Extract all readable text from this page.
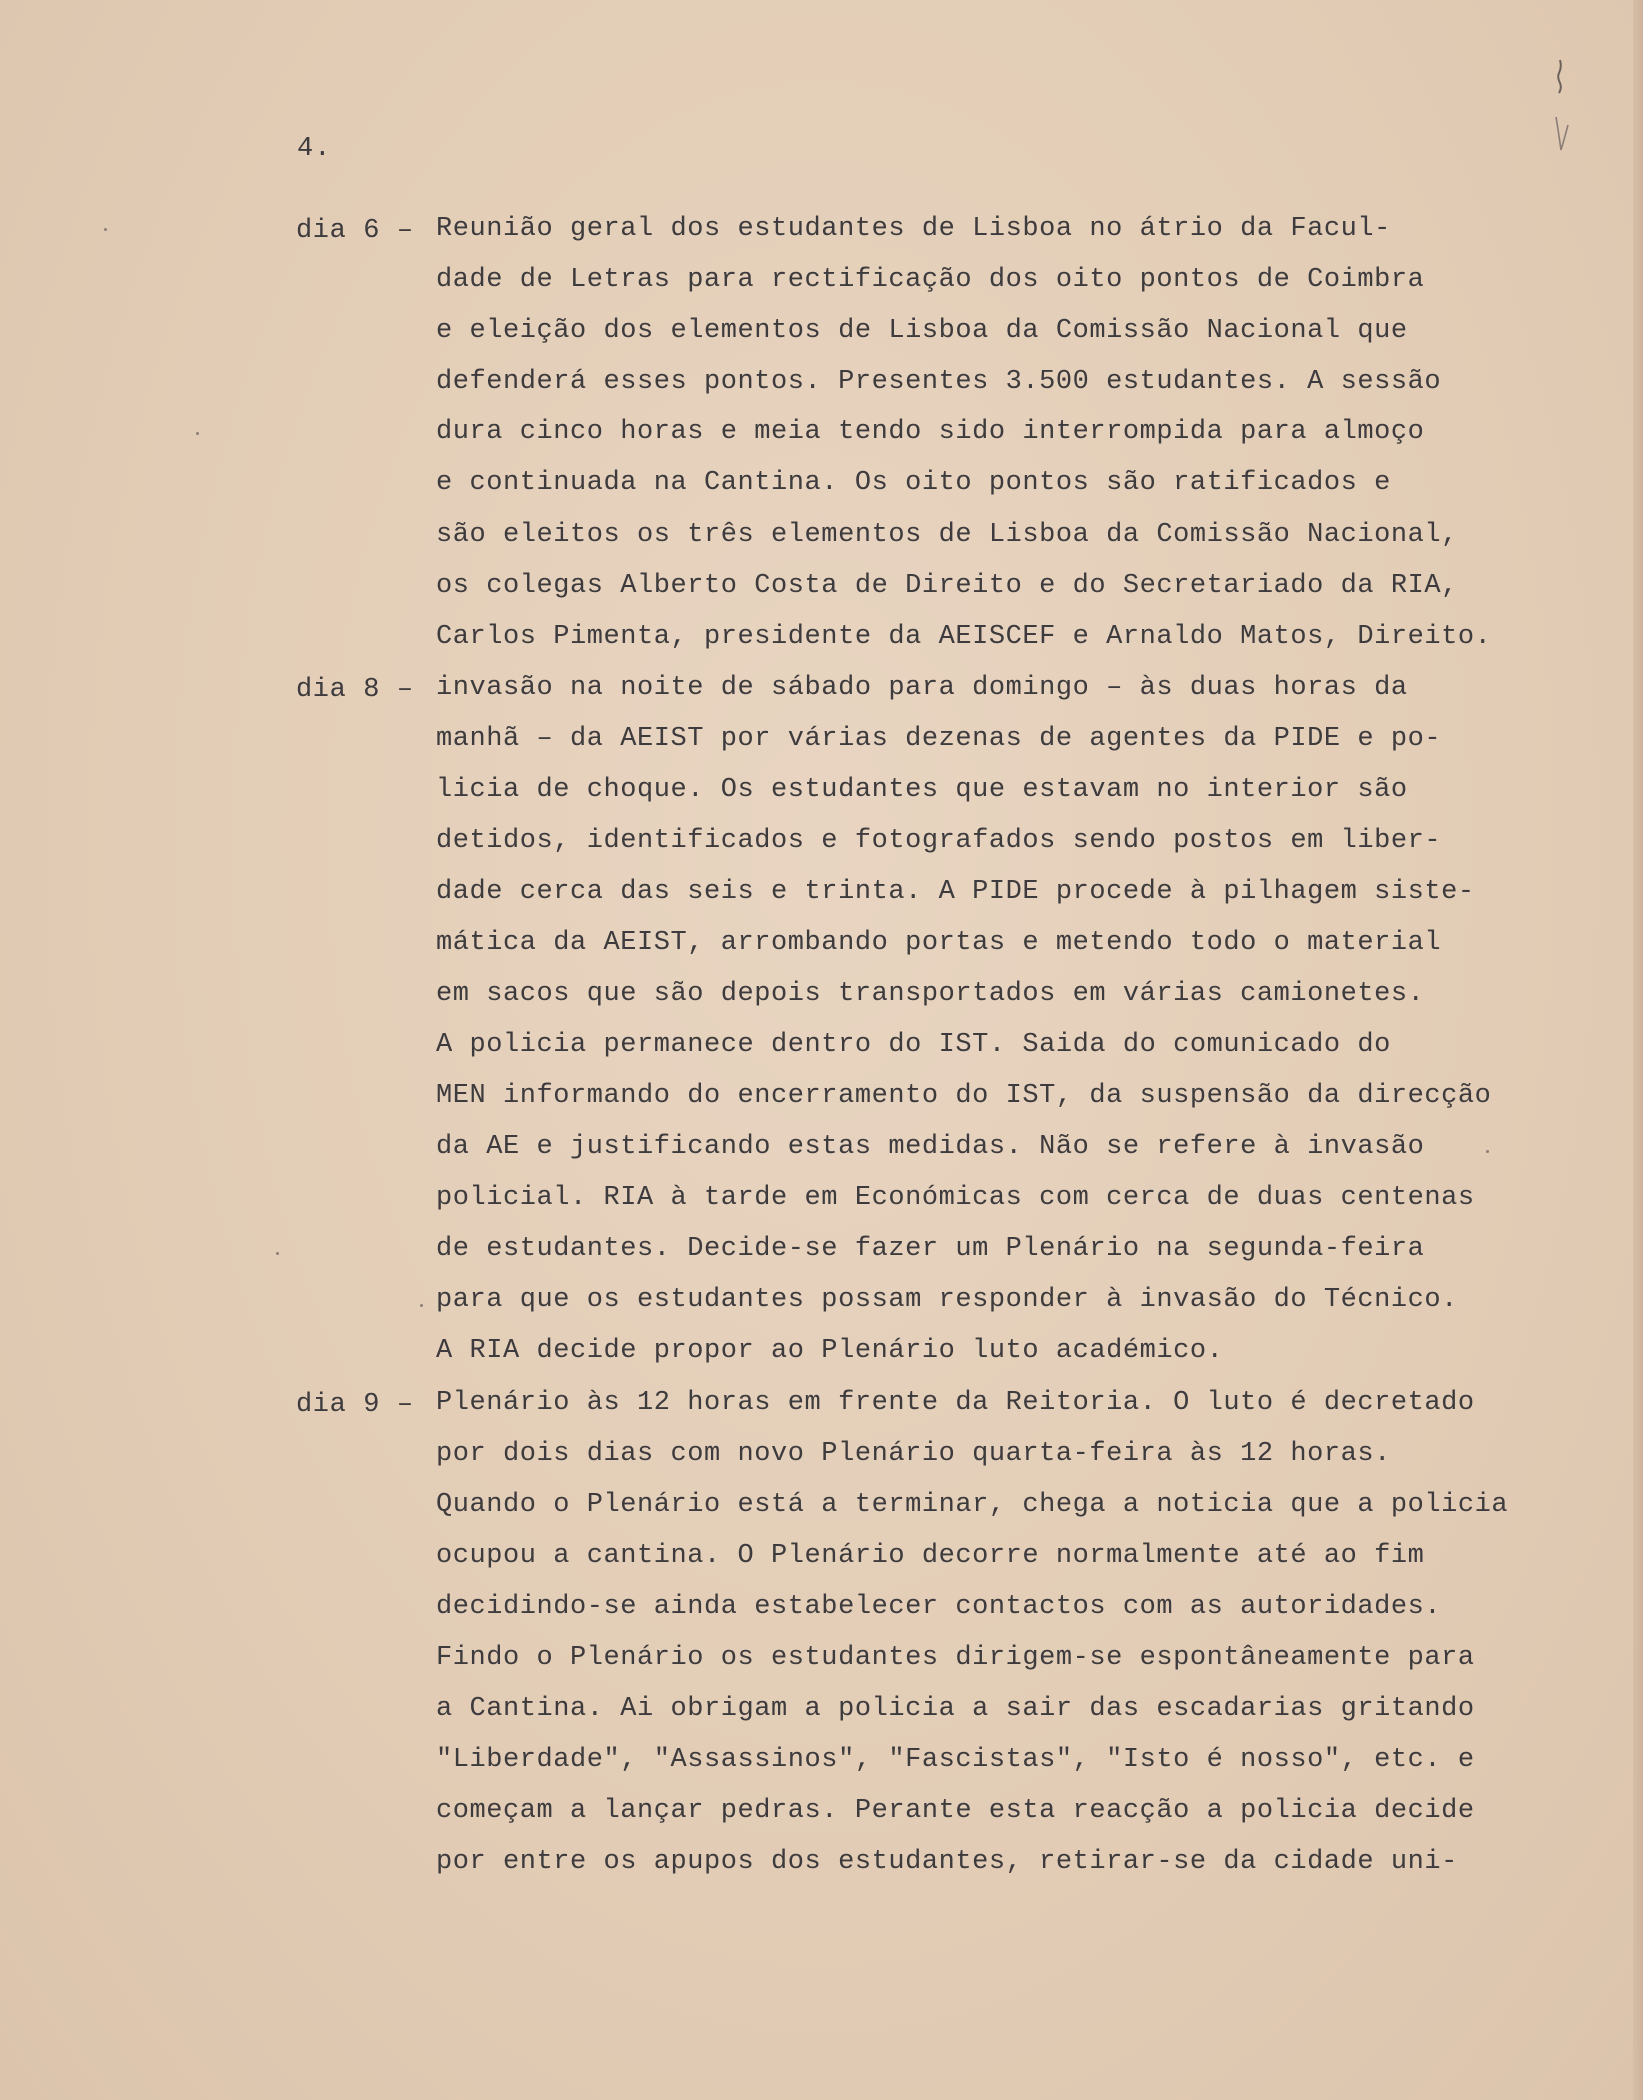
4.
dia 6 – Reunião geral dos estudantes de Lisboa no átrio da Facul-
dade de Letras para rectificação dos oito pontos de Coimbra
e eleição dos elementos de Lisboa da Comissão Nacional que
defenderá esses pontos. Presentes 3.500 estudantes. A sessão
dura cinco horas e meia tendo sido interrompida para almoço
e continuada na Cantina. Os oito pontos são ratificados e
são eleitos os três elementos de Lisboa da Comissão Nacional,
os colegas Alberto Costa de Direito e do Secretariado da RIA,
Carlos Pimenta, presidente da AEISCEF e Arnaldo Matos, Direito.
dia 8 – invasão na noite de sábado para domingo – às duas horas da
manhã – da AEIST por várias dezenas de agentes da PIDE e po-
licia de choque. Os estudantes que estavam no interior são
detidos, identificados e fotografados sendo postos em liber-
dade cerca das seis e trinta. A PIDE procede à pilhagem siste-
mática da AEIST, arrombando portas e metendo todo o material
em sacos que são depois transportados em várias camionetes.
A policia permanece dentro do IST. Saida do comunicado do
MEN informando do encerramento do IST, da suspensão da direcção
da AE e justificando estas medidas. Não se refere à invasão
policial. RIA à tarde em Económicas com cerca de duas centenas
de estudantes. Decide-se fazer um Plenário na segunda-feira
para que os estudantes possam responder à invasão do Técnico.
A RIA decide propor ao Plenário luto académico.
dia 9 – Plenário às 12 horas em frente da Reitoria. O luto é decretado
por dois dias com novo Plenário quarta-feira às 12 horas.
Quando o Plenário está a terminar, chega a noticia que a policia
ocupou a cantina. O Plenário decorre normalmente até ao fim
decidindo-se ainda estabelecer contactos com as autoridades.
Findo o Plenário os estudantes dirigem-se espontâneamente para
a Cantina. Ai obrigam a policia a sair das escadarias gritando
"Liberdade", "Assassinos", "Fascistas", "Isto é nosso", etc. e
começam a lançar pedras. Perante esta reacção a policia decide
por entre os apupos dos estudantes, retirar-se da cidade uni-
